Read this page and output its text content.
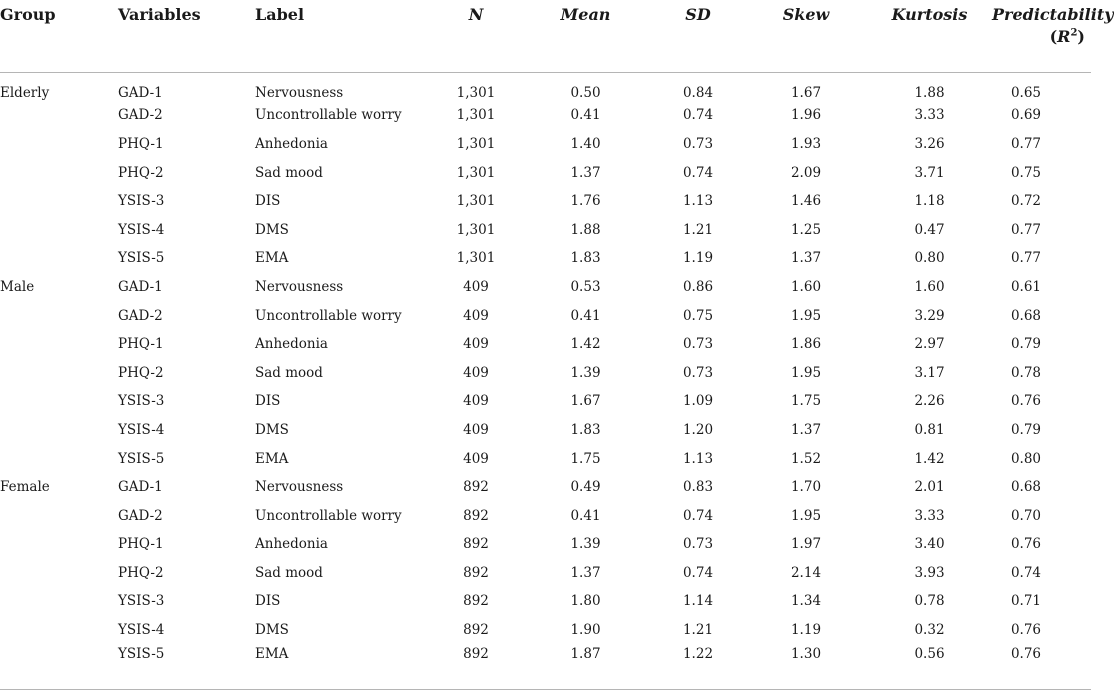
Group	Variables	Label	N	Mean	SD	Skew	Kurtosis	Predictability
$(R^2)$
Elderly	GAD-1	Nervousness	1,301	0.50	0.84	1.67	1.88	0.65
	GAD-2	Uncontrollable worry	1,301	0.41	0.74	1.96	3.33	0.69
	PHQ-1	Anhedonia	1,301	1.40	0.73	1.93	3.26	0.77
	PHQ-2	Sad mood	1,301	1.37	0.74	2.09	3.71	0.75
	YSIS-3	DIS	1,301	1.76	1.13	1.46	1.18	0.72
	YSIS-4	DMS	1,301	1.88	1.21	1.25	0.47	0.77
	YSIS-5	EMA	1,301	1.83	1.19	1.37	0.80	0.77
Male	GAD-1	Nervousness	409	0.53	0.86	1.60	1.60	0.61
	GAD-2	Uncontrollable worry	409	0.41	0.75	1.95	3.29	0.68
	PHQ-1	Anhedonia	409	1.42	0.73	1.86	2.97	0.79
	PHQ-2	Sad mood	409	1.39	0.73	1.95	3.17	0.78
	YSIS-3	DIS	409	1.67	1.09	1.75	2.26	0.76
	YSIS-4	DMS	409	1.83	1.20	1.37	0.81	0.79
	YSIS-5	EMA	409	1.75	1.13	1.52	1.42	0.80
Female	GAD-1	Nervousness	892	0.49	0.83	1.70	2.01	0.68
	GAD-2	Uncontrollable worry	892	0.41	0.74	1.95	3.33	0.70
	PHQ-1	Anhedonia	892	1.39	0.73	1.97	3.40	0.76
	PHQ-2	Sad mood	892	1.37	0.74	2.14	3.93	0.74
	YSIS-3	DIS	892	1.80	1.14	1.34	0.78	0.71
	YSIS-4	DMS	892	1.90	1.21	1.19	0.32	0.76
	YSIS-5	EMA	892	1.87	1.22	1.30	0.56	0.76
